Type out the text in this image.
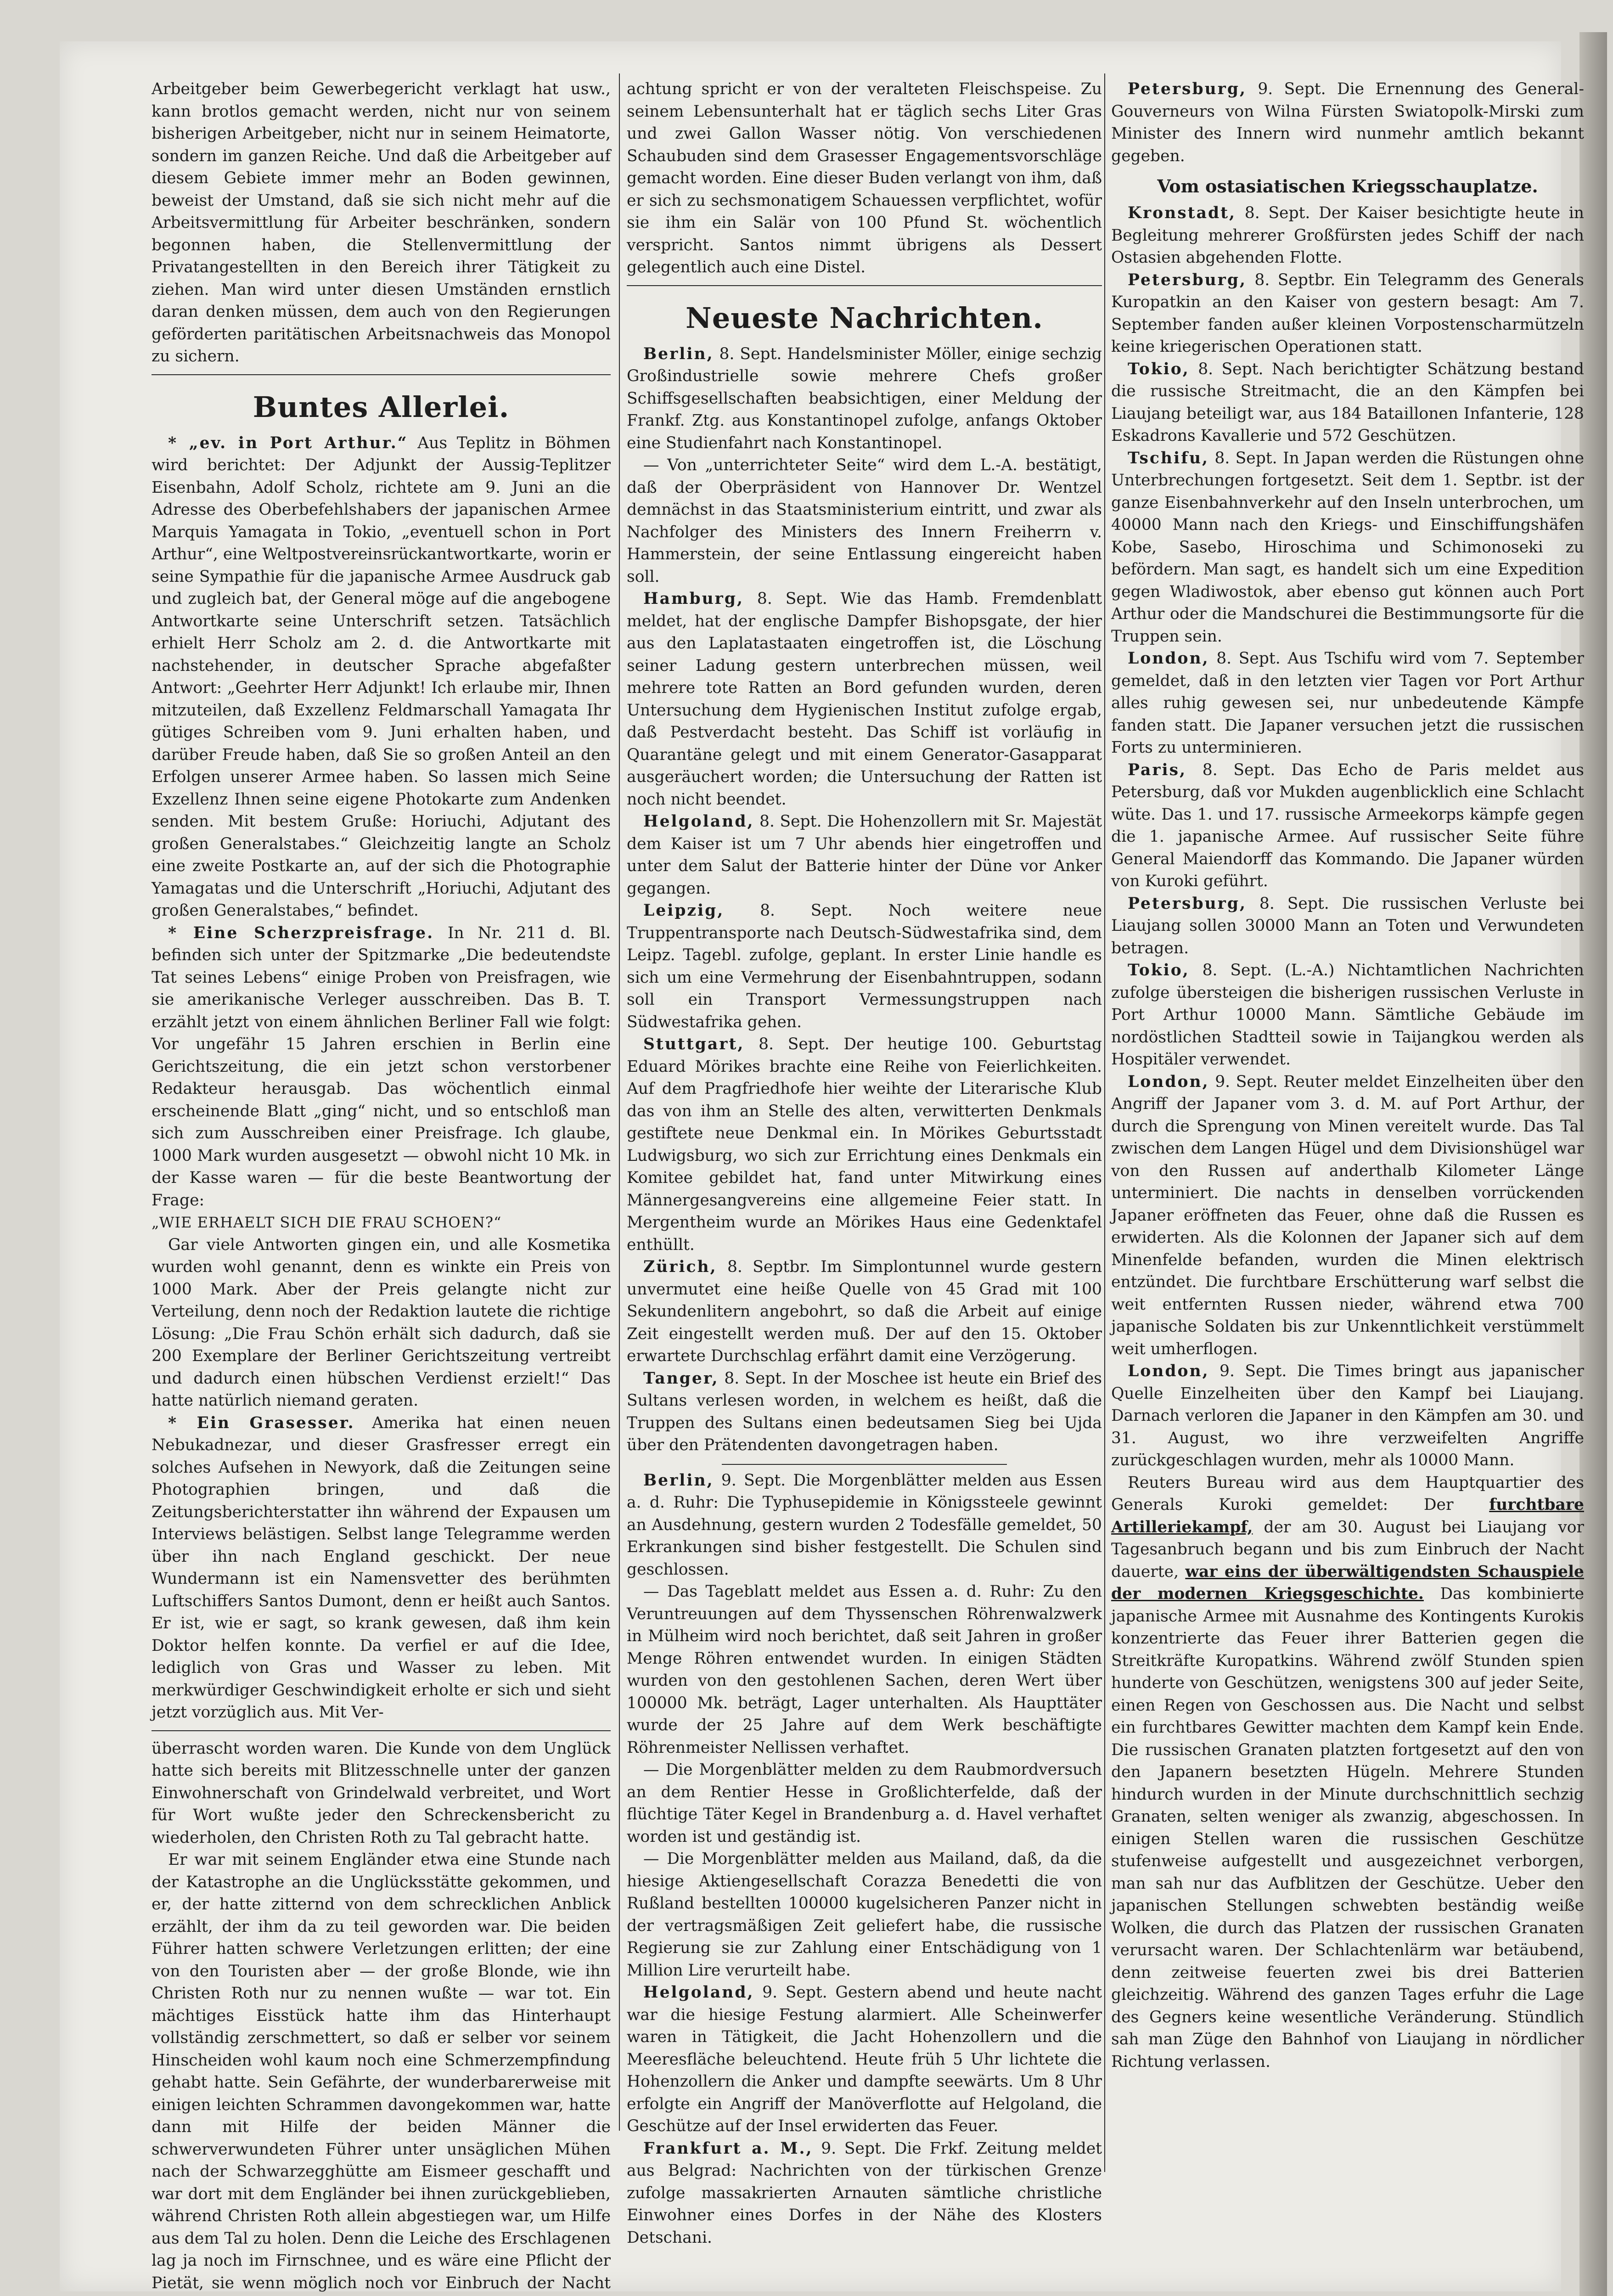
Arbeitgeber beim Gewerbegericht verklagt hat usw., kann brotlos gemacht werden, nicht nur von seinem bisherigen Arbeitgeber, nicht nur in seinem Heimatorte, sondern im ganzen Reiche. Und daß die Arbeitgeber auf diesem Gebiete immer mehr an Boden gewinnen, beweist der Umstand, daß sie sich nicht mehr auf die Arbeitsvermittlung für Arbeiter beschränken, sondern begonnen haben, die Stellenvermittlung der Privatangestellten in den Bereich ihrer Tätigkeit zu ziehen. Man wird unter diesen Umständen ernstlich daran denken müssen, dem auch von den Regierungen geförderten paritätischen Arbeitsnachweis das Monopol zu sichern.

Buntes Allerlei.

* „ev. in Port Arthur.“ Aus Teplitz in Böhmen wird berichtet: Der Adjunkt der Aussig-Teplitzer Eisenbahn, Adolf Scholz, richtete am 9. Juni an die Adresse des Oberbefehlshabers der japanischen Armee Marquis Yamagata in Tokio, „eventuell schon in Port Arthur“, eine Weltpostvereinsrückantwortkarte, worin er seine Sympathie für die japanische Armee Ausdruck gab und zugleich bat, der General möge auf die angebogene Antwortkarte seine Unterschrift setzen. Tatsächlich erhielt Herr Scholz am 2. d. die Antwortkarte mit nachstehender, in deutscher Sprache abgefaßter Antwort: „Geehrter Herr Adjunkt! Ich erlaube mir, Ihnen mitzuteilen, daß Exzellenz Feldmarschall Yamagata Ihr gütiges Schreiben vom 9. Juni erhalten haben, und darüber Freude haben, daß Sie so großen Anteil an den Erfolgen unserer Armee haben. So lassen mich Seine Exzellenz Ihnen seine eigene Photokarte zum Andenken senden. Mit bestem Gruße: Horiuchi, Adjutant des großen Generalstabes.“ Gleichzeitig langte an Scholz eine zweite Postkarte an, auf der sich die Photographie Yamagatas und die Unterschrift „Horiuchi, Adjutant des großen Generalstabes,“ befindet.

* Eine Scherzpreisfrage. In Nr. 211 d. Bl. befinden sich unter der Spitzmarke „Die bedeutendste Tat seines Lebens“ einige Proben von Preisfragen, wie sie amerikanische Verleger ausschreiben. Das B. T. erzählt jetzt von einem ähnlichen Berliner Fall wie folgt: Vor ungefähr 15 Jahren erschien in Berlin eine Gerichtszeitung, die ein jetzt schon verstorbener Redakteur herausgab. Das wöchentlich einmal erscheinende Blatt „ging“ nicht, und so entschloß man sich zum Ausschreiben einer Preisfrage. Ich glaube, 1000 Mark wurden ausgesetzt — obwohl nicht 10 Mk. in der Kasse waren — für die beste Beantwortung der Frage:

„WIE ERHAELT SICH DIE FRAU SCHOEN?“

Gar viele Antworten gingen ein, und alle Kosmetika wurden wohl genannt, denn es winkte ein Preis von 1000 Mark. Aber der Preis gelangte nicht zur Verteilung, denn noch der Redaktion lautete die richtige Lösung: „Die Frau Schön erhält sich dadurch, daß sie 200 Exemplare der Berliner Gerichtszeitung vertreibt und dadurch einen hübschen Verdienst erzielt!“ Das hatte natürlich niemand geraten.

* Ein Grasesser. Amerika hat einen neuen Nebukadnezar, und dieser Grasfresser erregt ein solches Aufsehen in Newyork, daß die Zeitungen seine Photographien bringen, und daß die Zeitungsberichterstatter ihn während der Expausen um Interviews belästigen. Selbst lange Telegramme werden über ihn nach England geschickt. Der neue Wundermann ist ein Namensvetter des berühmten Luftschiffers Santos Dumont, denn er heißt auch Santos. Er ist, wie er sagt, so krank gewesen, daß ihm kein Doktor helfen konnte. Da verfiel er auf die Idee, lediglich von Gras und Wasser zu leben. Mit merkwürdiger Geschwindigkeit erholte er sich und sieht jetzt vorzüglich aus. Mit Ver-

überrascht worden waren. Die Kunde von dem Unglück hatte sich bereits mit Blitzesschnelle unter der ganzen Einwohnerschaft von Grindelwald verbreitet, und Wort für Wort wußte jeder den Schreckensbericht zu wiederholen, den Christen Roth zu Tal gebracht hatte.

Er war mit seinem Engländer etwa eine Stunde nach der Katastrophe an die Unglücksstätte gekommen, und er, der hatte zitternd von dem schrecklichen Anblick erzählt, der ihm da zu teil geworden war. Die beiden Führer hatten schwere Verletzungen erlitten; der eine von den Touristen aber — der große Blonde, wie ihn Christen Roth nur zu nennen wußte — war tot. Ein mächtiges Eisstück hatte ihm das Hinterhaupt vollständig zerschmettert, so daß er selber vor seinem Hinscheiden wohl kaum noch eine Schmerzempfindung gehabt hatte. Sein Gefährte, der wunderbarerweise mit einigen leichten Schrammen davongekommen war, hatte dann mit Hilfe der beiden Männer die schwerverwundeten Führer unter unsäglichen Mühen nach der Schwarzegghütte am Eismeer geschafft und war dort mit dem Engländer bei ihnen zurückgeblieben, während Christen Roth allein abgestiegen war, um Hilfe aus dem Tal zu holen. Denn die Leiche des Erschlagenen lag ja noch im Firnschnee, und es wäre eine Pflicht der Pietät, sie wenn möglich noch vor Einbruch der Nacht

achtung spricht er von der veralteten Fleischspeise. Zu seinem Lebensunterhalt hat er täglich sechs Liter Gras und zwei Gallon Wasser nötig. Von verschiedenen Schaubuden sind dem Grasesser Engagementsvorschläge gemacht worden. Eine dieser Buden verlangt von ihm, daß er sich zu sechsmonatigem Schauessen verpflichtet, wofür sie ihm ein Salär von 100 Pfund St. wöchentlich verspricht. Santos nimmt übrigens als Dessert gelegentlich auch eine Distel.

Neueste Nachrichten.

Berlin, 8. Sept. Handelsminister Möller, einige sechzig Großindustrielle sowie mehrere Chefs großer Schiffsgesellschaften beabsichtigen, einer Meldung der Frankf. Ztg. aus Konstantinopel zufolge, anfangs Oktober eine Studienfahrt nach Konstantinopel.

— Von „unterrichteter Seite“ wird dem L.-A. bestätigt, daß der Oberpräsident von Hannover Dr. Wentzel demnächst in das Staatsministerium eintritt, und zwar als Nachfolger des Ministers des Innern Freiherrn v. Hammerstein, der seine Entlassung eingereicht haben soll.

Hamburg, 8. Sept. Wie das Hamb. Fremdenblatt meldet, hat der englische Dampfer Bishopsgate, der hier aus den Laplatastaaten eingetroffen ist, die Löschung seiner Ladung gestern unterbrechen müssen, weil mehrere tote Ratten an Bord gefunden wurden, deren Untersuchung dem Hygienischen Institut zufolge ergab, daß Pestverdacht besteht. Das Schiff ist vorläufig in Quarantäne gelegt und mit einem Generator-Gasapparat ausgeräuchert worden; die Untersuchung der Ratten ist noch nicht beendet.

Helgoland, 8. Sept. Die Hohenzollern mit Sr. Majestät dem Kaiser ist um 7 Uhr abends hier eingetroffen und unter dem Salut der Batterie hinter der Düne vor Anker gegangen.

Leipzig, 8. Sept. Noch weitere neue Truppentransporte nach Deutsch-Südwestafrika sind, dem Leipz. Tagebl. zufolge, geplant. In erster Linie handle es sich um eine Vermehrung der Eisenbahntruppen, sodann soll ein Transport Vermessungstruppen nach Südwestafrika gehen.

Stuttgart, 8. Sept. Der heutige 100. Geburtstag Eduard Mörikes brachte eine Reihe von Feierlichkeiten. Auf dem Pragfriedhofe hier weihte der Literarische Klub das von ihm an Stelle des alten, verwitterten Denkmals gestiftete neue Denkmal ein. In Mörikes Geburtsstadt Ludwigsburg, wo sich zur Errichtung eines Denkmals ein Komitee gebildet hat, fand unter Mitwirkung eines Männergesangvereins eine allgemeine Feier statt. In Mergentheim wurde an Mörikes Haus eine Gedenktafel enthüllt.

Zürich, 8. Septbr. Im Simplontunnel wurde gestern unvermutet eine heiße Quelle von 45 Grad mit 100 Sekundenlitern angebohrt, so daß die Arbeit auf einige Zeit eingestellt werden muß. Der auf den 15. Oktober erwartete Durchschlag erfährt damit eine Verzögerung.

Tanger, 8. Sept. In der Moschee ist heute ein Brief des Sultans verlesen worden, in welchem es heißt, daß die Truppen des Sultans einen bedeutsamen Sieg bei Ujda über den Prätendenten davongetragen haben.

Berlin, 9. Sept. Die Morgenblätter melden aus Essen a. d. Ruhr: Die Typhusepidemie in Königssteele gewinnt an Ausdehnung, gestern wurden 2 Todesfälle gemeldet, 50 Erkrankungen sind bisher festgestellt. Die Schulen sind geschlossen.

— Das Tageblatt meldet aus Essen a. d. Ruhr: Zu den Veruntreuungen auf dem Thyssenschen Röhrenwalzwerk in Mülheim wird noch berichtet, daß seit Jahren in großer Menge Röhren entwendet wurden. In einigen Städten wurden von den gestohlenen Sachen, deren Wert über 100000 Mk. beträgt, Lager unterhalten. Als Haupttäter wurde der 25 Jahre auf dem Werk beschäftigte Röhrenmeister Nellissen verhaftet.

— Die Morgenblätter melden zu dem Raubmordversuch an dem Rentier Hesse in Großlichterfelde, daß der flüchtige Täter Kegel in Brandenburg a. d. Havel verhaftet worden ist und geständig ist.

— Die Morgenblätter melden aus Mailand, daß, da die hiesige Aktiengesellschaft Corazza Benedetti die von Rußland bestellten 100000 kugelsicheren Panzer nicht in der vertragsmäßigen Zeit geliefert habe, die russische Regierung sie zur Zahlung einer Entschädigung von 1 Million Lire verurteilt habe.

Helgoland, 9. Sept. Gestern abend und heute nacht war die hiesige Festung alarmiert. Alle Scheinwerfer waren in Tätigkeit, die Jacht Hohenzollern und die Meeresfläche beleuchtend. Heute früh 5 Uhr lichtete die Hohenzollern die Anker und dampfte seewärts. Um 8 Uhr erfolgte ein Angriff der Manöverflotte auf Helgoland, die Geschütze auf der Insel erwiderten das Feuer.

Frankfurt a. M., 9. Sept. Die Frkf. Zeitung meldet aus Belgrad: Nachrichten von der türkischen Grenze zufolge massakrierten Arnauten sämtliche christliche Einwohner eines Dorfes in der Nähe des Klosters Detschani.

Petersburg, 9. Sept. Die Ernennung des General-Gouverneurs von Wilna Fürsten Swiatopolk-Mirski zum Minister des Innern wird nunmehr amtlich bekannt gegeben.

Vom ostasiatischen Kriegsschauplatze.

Kronstadt, 8. Sept. Der Kaiser besichtigte heute in Begleitung mehrerer Großfürsten jedes Schiff der nach Ostasien abgehenden Flotte.

Petersburg, 8. Septbr. Ein Telegramm des Generals Kuropatkin an den Kaiser von gestern besagt: Am 7. September fanden außer kleinen Vorpostenscharmützeln keine kriegerischen Operationen statt.

Tokio, 8. Sept. Nach berichtigter Schätzung bestand die russische Streitmacht, die an den Kämpfen bei Liaujang beteiligt war, aus 184 Bataillonen Infanterie, 128 Eskadrons Kavallerie und 572 Geschützen.

Tschifu, 8. Sept. In Japan werden die Rüstungen ohne Unterbrechungen fortgesetzt. Seit dem 1. Septbr. ist der ganze Eisenbahnverkehr auf den Inseln unterbrochen, um 40000 Mann nach den Kriegs- und Einschiffungshäfen Kobe, Sasebo, Hiroschima und Schimonoseki zu befördern. Man sagt, es handelt sich um eine Expedition gegen Wladiwostok, aber ebenso gut können auch Port Arthur oder die Mandschurei die Bestimmungsorte für die Truppen sein.

London, 8. Sept. Aus Tschifu wird vom 7. September gemeldet, daß in den letzten vier Tagen vor Port Arthur alles ruhig gewesen sei, nur unbedeutende Kämpfe fanden statt. Die Japaner versuchen jetzt die russischen Forts zu unterminieren.

Paris, 8. Sept. Das Echo de Paris meldet aus Petersburg, daß vor Mukden augenblicklich eine Schlacht wüte. Das 1. und 17. russische Armeekorps kämpfe gegen die 1. japanische Armee. Auf russischer Seite führe General Maiendorff das Kommando. Die Japaner würden von Kuroki geführt.

Petersburg, 8. Sept. Die russischen Verluste bei Liaujang sollen 30000 Mann an Toten und Verwundeten betragen.

Tokio, 8. Sept. (L.-A.) Nichtamtlichen Nachrichten zufolge übersteigen die bisherigen russischen Verluste in Port Arthur 10000 Mann. Sämtliche Gebäude im nordöstlichen Stadtteil sowie in Taijangkou werden als Hospitäler verwendet.

London, 9. Sept. Reuter meldet Einzelheiten über den Angriff der Japaner vom 3. d. M. auf Port Arthur, der durch die Sprengung von Minen vereitelt wurde. Das Tal zwischen dem Langen Hügel und dem Divisionshügel war von den Russen auf anderthalb Kilometer Länge unterminiert. Die nachts in denselben vorrückenden Japaner eröffneten das Feuer, ohne daß die Russen es erwiderten. Als die Kolonnen der Japaner sich auf dem Minenfelde befanden, wurden die Minen elektrisch entzündet. Die furchtbare Erschütterung warf selbst die weit entfernten Russen nieder, während etwa 700 japanische Soldaten bis zur Unkenntlichkeit verstümmelt weit umherflogen.

London, 9. Sept. Die Times bringt aus japanischer Quelle Einzelheiten über den Kampf bei Liaujang. Darnach verloren die Japaner in den Kämpfen am 30. und 31. August, wo ihre verzweifelten Angriffe zurückgeschlagen wurden, mehr als 10000 Mann.

Reuters Bureau wird aus dem Hauptquartier des Generals Kuroki gemeldet: Der furchtbare Artilleriekampf, der am 30. August bei Liaujang vor Tagesanbruch begann und bis zum Einbruch der Nacht dauerte, war eins der überwältigendsten Schauspiele der modernen Kriegsgeschichte. Das kombinierte japanische Armee mit Ausnahme des Kontingents Kurokis konzentrierte das Feuer ihrer Batterien gegen die Streitkräfte Kuropatkins. Während zwölf Stunden spien hunderte von Geschützen, wenigstens 300 auf jeder Seite, einen Regen von Geschossen aus. Die Nacht und selbst ein furchtbares Gewitter machten dem Kampf kein Ende. Die russischen Granaten platzten fortgesetzt auf den von den Japanern besetzten Hügeln. Mehrere Stunden hindurch wurden in der Minute durchschnittlich sechzig Granaten, selten weniger als zwanzig, abgeschossen. In einigen Stellen waren die russischen Geschütze stufenweise aufgestellt und ausgezeichnet verborgen, man sah nur das Aufblitzen der Geschütze. Ueber den japanischen Stellungen schwebten beständig weiße Wolken, die durch das Platzen der russischen Granaten verursacht waren. Der Schlachtenlärm war betäubend, denn zeitweise feuerten zwei bis drei Batterien gleichzeitig. Während des ganzen Tages erfuhr die Lage des Gegners keine wesentliche Veränderung. Stündlich sah man Züge den Bahnhof von Liaujang in nördlicher Richtung verlassen.
